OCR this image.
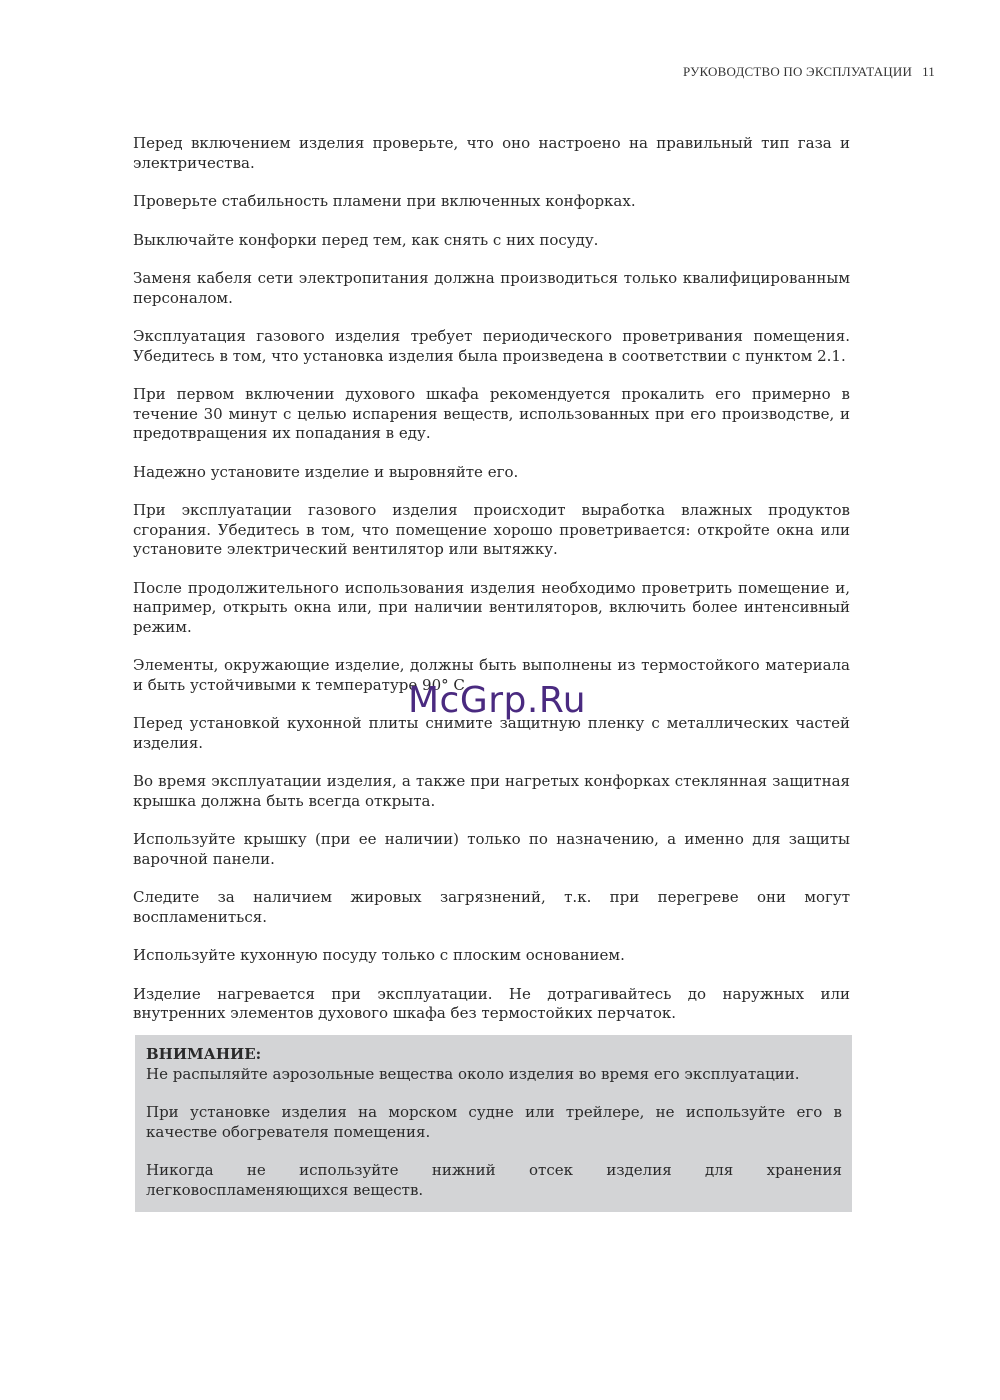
РУКОВОДСТВО ПО ЭКСПЛУАТАЦИИ 11

Перед включением изделия проверьте, что оно настроено на правильный тип газа и электричества.

Проверьте стабильность пламени при включенных конфорках.

Выключайте конфорки перед тем, как снять с них посуду.

Заменя кабеля сети электропитания должна производиться только квалифицированным персоналом.

Эксплуатация газового изделия требует периодического проветривания помещения. Убедитесь в том, что установка изделия была произведена в соответствии с пунктом 2.1.

При первом включении духового шкафа рекомендуется прокалить его примерно в течение 30 минут с целью испарения веществ, использованных при его производстве, и предотвращения их попадания в еду.

Надежно установите изделие и выровняйте его.

При эксплуатации газового изделия происходит выработка влажных продуктов сгорания. Убедитесь в том, что помещение хорошо проветривается: откройте окна или установите электрический вентилятор или вытяжку.

После продолжительного использования изделия необходимо проветрить помещение и, например, открыть окна или, при наличии вентиляторов, включить более интенсивный режим.

Элементы, окружающие изделие, должны быть выполнены из термостойкого материала и быть устойчивыми к температуре 90° С.

Перед установкой кухонной плиты снимите защитную пленку с металлических частей изделия.

Во время эксплуатации изделия, а также при нагретых конфорках стеклянная защитная крышка должна быть всегда открыта.

Используйте крышку (при ее наличии) только по назначению, а именно для защиты варочной панели.

Следите за наличием жировых загрязнений, т.к. при перегреве они могут воспламениться.

Используйте кухонную посуду только с плоским основанием.

Изделие нагревается при эксплуатации. Не дотрагивайтесь до наружных или внутренних элементов духового шкафа без термостойких перчаток.

ВНИМАНИЕ:

Не распыляйте аэрозольные вещества около изделия во время его эксплуатации.

При установке изделия на морском судне или трейлере, не используйте его в качестве обогревателя помещения.

Никогда не используйте нижний отсек изделия для хранения легковоспламеняющихся веществ.

McGrp.Ru
